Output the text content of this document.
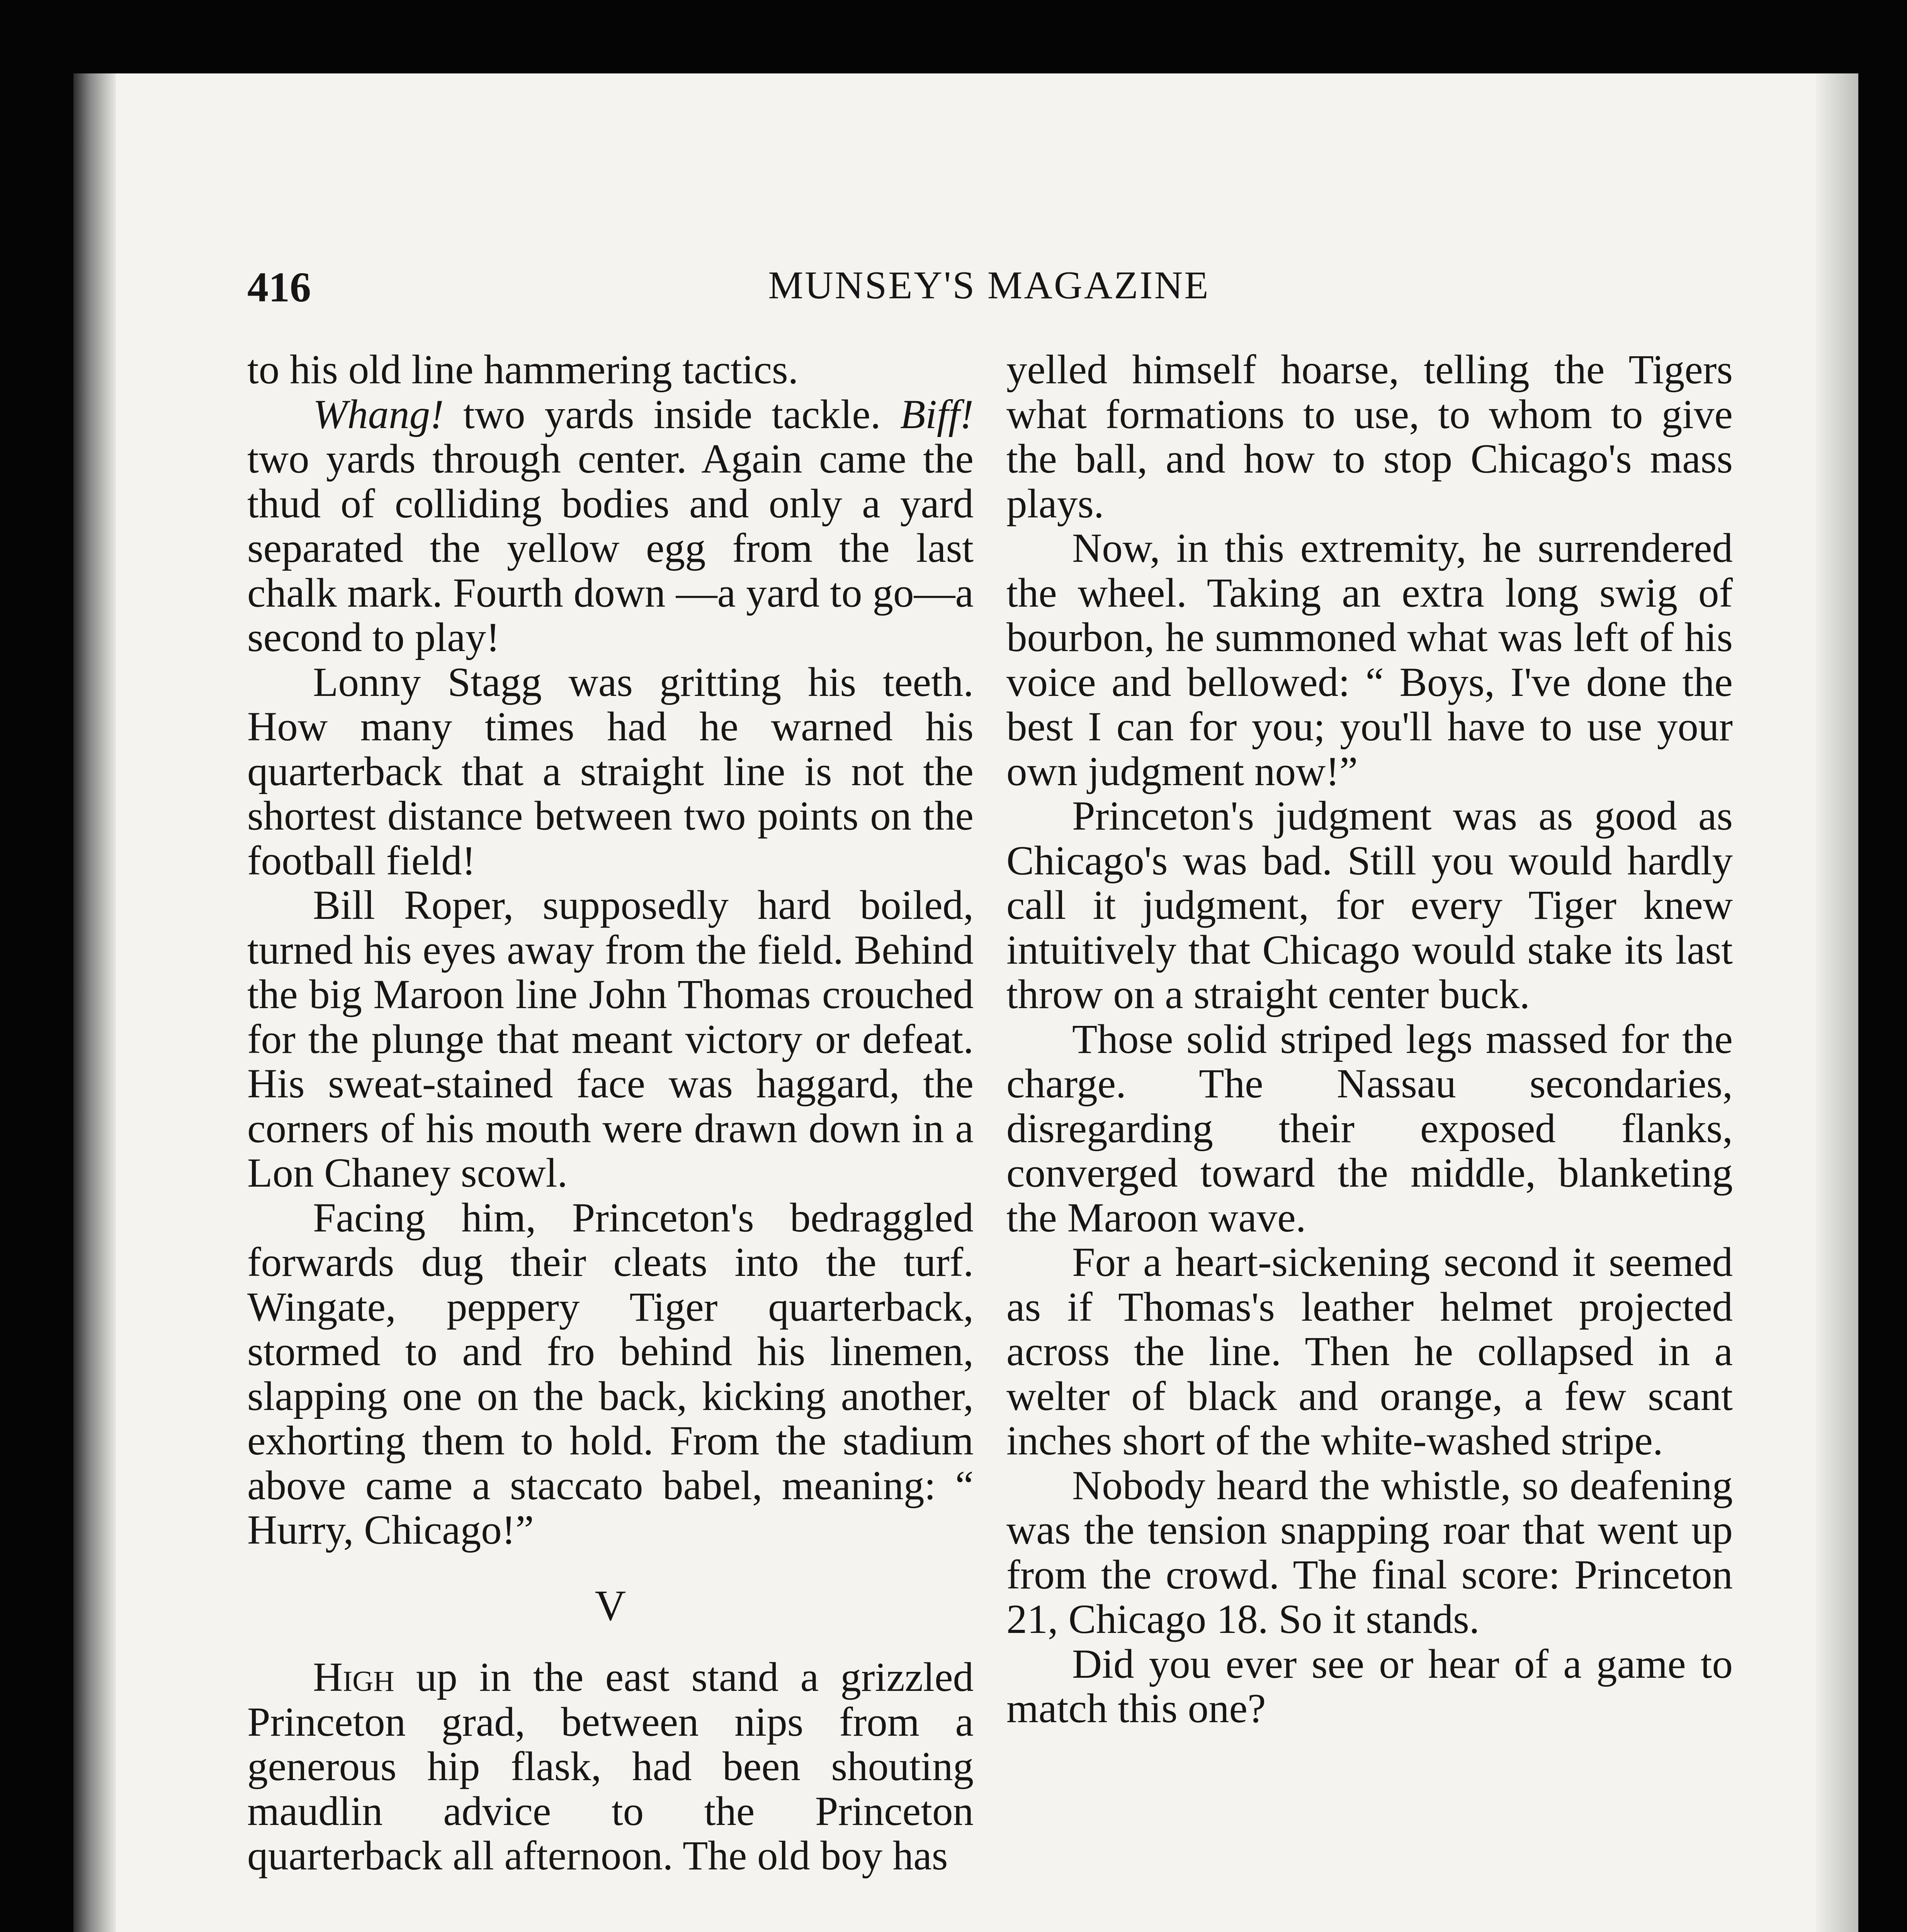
416	MUNSEY'S MAGAZINE

to his old line hammering tactics.

Whang! two yards inside tackle. Biff! two yards through center. Again came the thud of colliding bodies and only a yard separated the yellow egg from the last chalk mark. Fourth down —a yard to go—a second to play!

Lonny Stagg was gritting his teeth. How many times had he warned his quarterback that a straight line is not the shortest distance between two points on the football field!

Bill Roper, supposedly hard boiled, turned his eyes away from the field. Behind the big Maroon line John Thomas crouched for the plunge that meant victory or defeat. His sweat-stained face was haggard, the corners of his mouth were drawn down in a Lon Chaney scowl.

Facing him, Princeton's bedraggled forwards dug their cleats into the turf. Wingate, peppery Tiger quarterback, stormed to and fro behind his linemen, slapping one on the back, kicking another, exhorting them to hold. From the stadium above came a staccato babel, meaning: “ Hurry, Chicago!”

V

High up in the east stand a grizzled Princeton grad, between nips from a generous hip flask, had been shouting maudlin advice to the Princeton quarterback all afternoon. The old boy has

yelled himself hoarse, telling the Tigers what formations to use, to whom to give the ball, and how to stop Chicago's mass plays.

Now, in this extremity, he surrendered the wheel. Taking an extra long swig of bourbon, he summoned what was left of his voice and bellowed: “ Boys, I've done the best I can for you; you'll have to use your own judgment now!”

Princeton's judgment was as good as Chicago's was bad. Still you would hardly call it judgment, for every Tiger knew intuitively that Chicago would stake its last throw on a straight center buck.

Those solid striped legs massed for the charge. The Nassau secondaries, disregarding their exposed flanks, converged toward the middle, blanketing the Maroon wave.

For a heart-sickening second it seemed as if Thomas's leather helmet projected across the line. Then he collapsed in a welter of black and orange, a few scant inches short of the white-washed stripe.

Nobody heard the whistle, so deafening was the tension snapping roar that went up from the crowd. The final score: Princeton 21, Chicago 18. So it stands.

Did you ever see or hear of a game to match this one?
